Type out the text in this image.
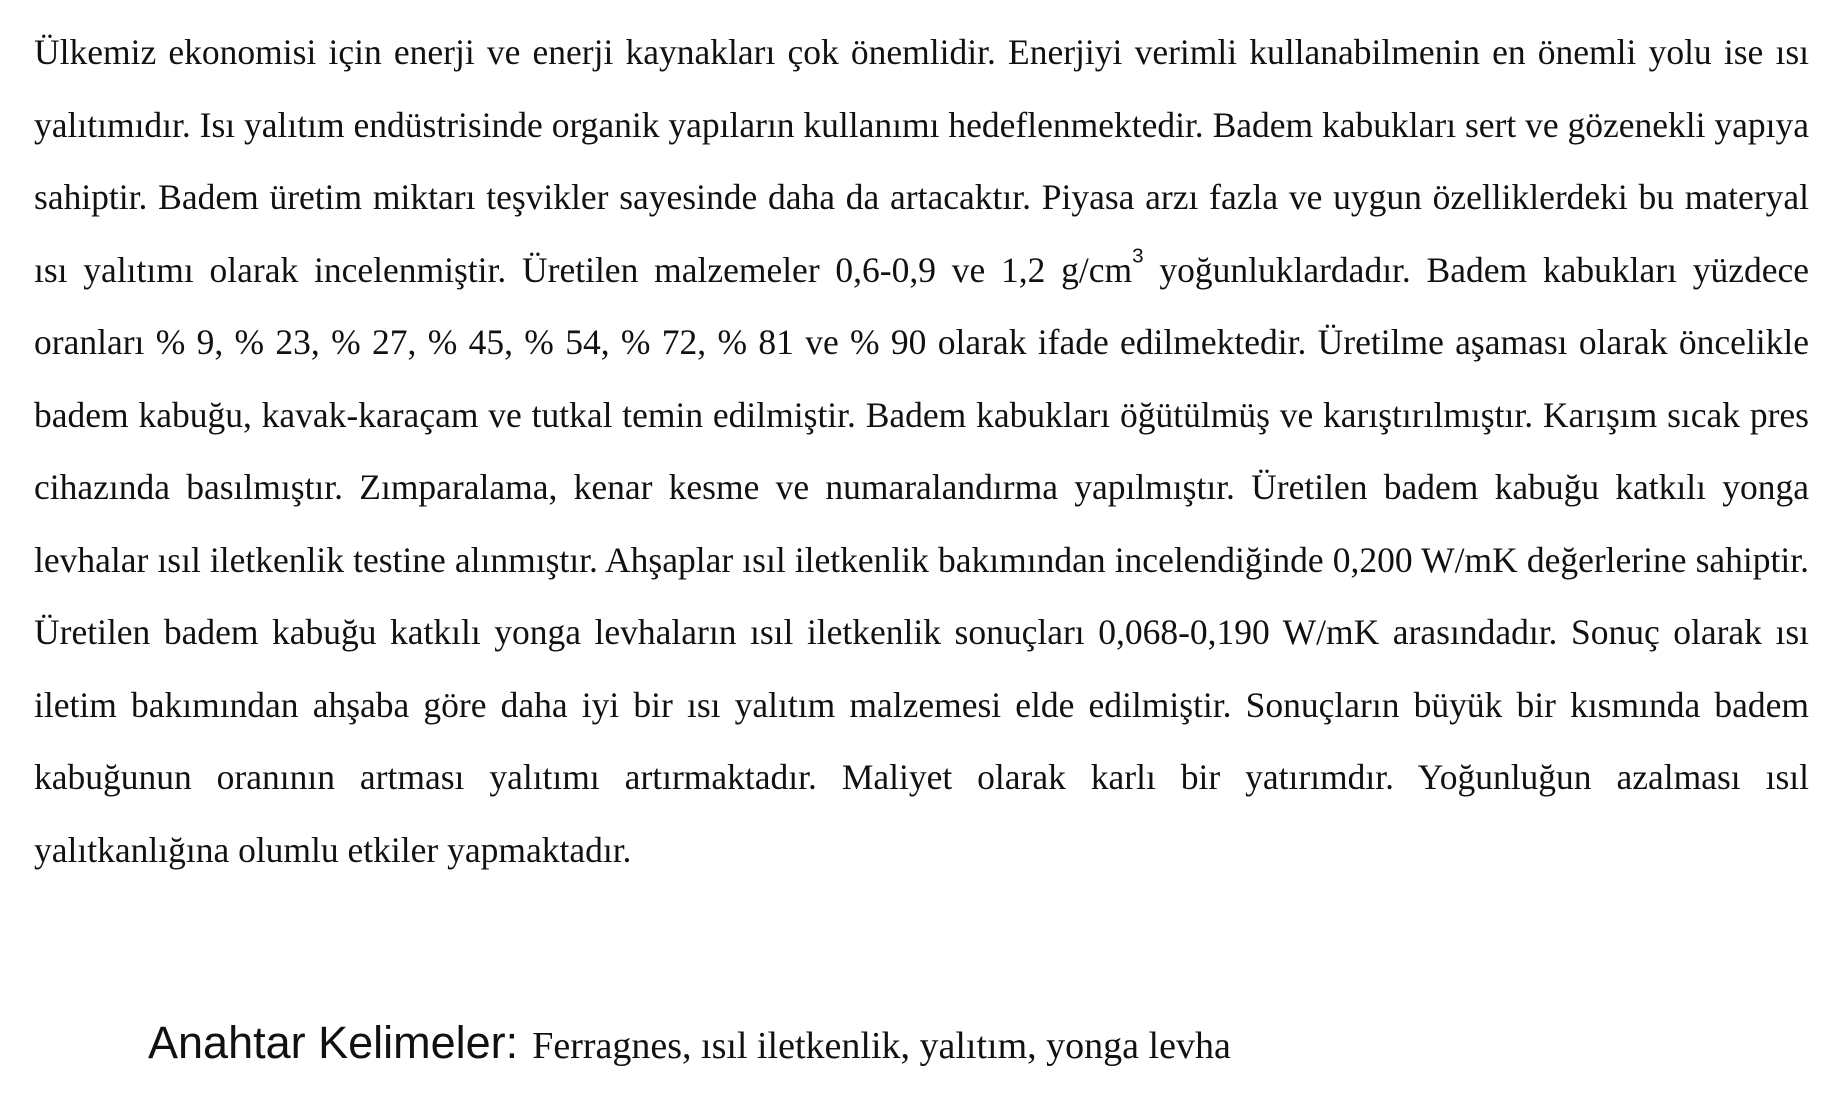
Ülkemiz ekonomisi için enerji ve enerji kaynakları çok önemlidir. Enerjiyi verimli kullanabilmenin en önemli yolu ise ısı yalıtımıdır. Isı yalıtım endüstrisinde organik yapıların kullanımı hedeflenmektedir. Badem kabukları sert ve gözenekli yapıya sahiptir. Badem üretim miktarı teşvikler sayesinde daha da artacaktır. Piyasa arzı fazla ve uygun özelliklerdeki bu materyal ısı yalıtımı olarak incelenmiştir. Üretilen malzemeler 0,6-0,9 ve 1,2 $g/cm^3$ yoğunluklardadır. Badem kabukları yüzdece oranları % 9, % 23, % 27, % 45, % 54, % 72, % 81 ve % 90 olarak ifade edilmektedir. Üretilme aşaması olarak öncelikle badem kabuğu, kavak-karaçam ve tutkal temin edilmiştir. Badem kabukları öğütülmüş ve karıştırılmıştır. Karışım sıcak pres cihazında basılmıştır. Zımparalama, kenar kesme ve numaralandırma yapılmıştır. Üretilen badem kabuğu katkılı yonga levhalar ısıl iletkenlik testine alınmıştır. Ahşaplar ısıl iletkenlik bakımından incelendiğinde 0,200 W/mK değerlerine sahiptir. Üretilen badem kabuğu katkılı yonga levhaların ısıl iletkenlik sonuçları 0,068-0,190 W/mK arasındadır. Sonuç olarak ısı iletim bakımından ahşaba göre daha iyi bir ısı yalıtım malzemesi elde edilmiştir. Sonuçların büyük bir kısmında badem kabuğunun oranının artması yalıtımı artırmaktadır. Maliyet olarak karlı bir yatırımdır. Yoğunluğun azalması ısıl yalıtkanlığına olumlu etkiler yapmaktadır.

Anahtar Kelimeler: Ferragnes, ısıl iletkenlik, yalıtım, yonga levha
